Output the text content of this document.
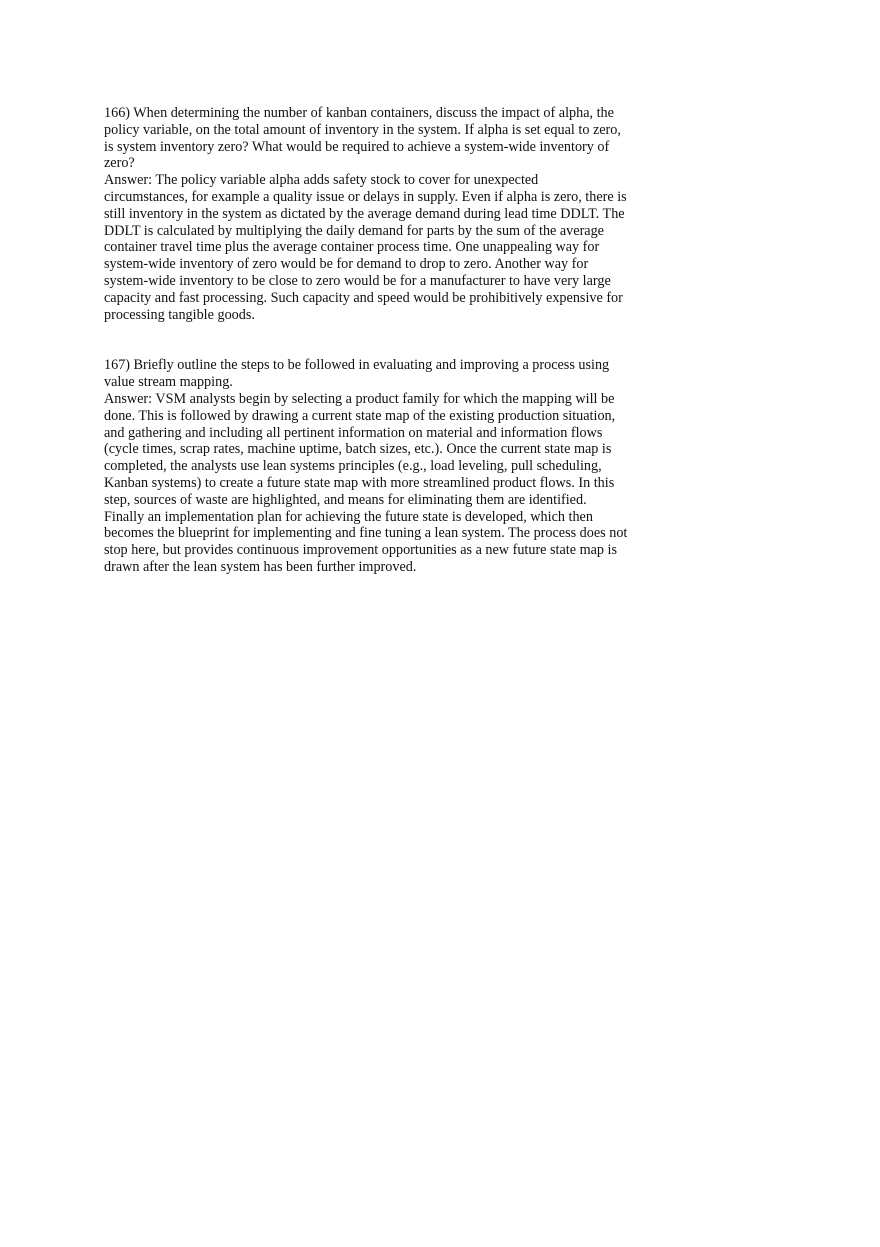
166) When determining the number of kanban containers, discuss the impact of alpha, the
policy variable, on the total amount of inventory in the system. If alpha is set equal to zero,
is system inventory zero? What would be required to achieve a system-wide inventory of
zero?
Answer: The policy variable alpha adds safety stock to cover for unexpected
circumstances, for example a quality issue or delays in supply. Even if alpha is zero, there is
still inventory in the system as dictated by the average demand during lead time DDLT. The
DDLT is calculated by multiplying the daily demand for parts by the sum of the average
container travel time plus the average container process time. One unappealing way for
system-wide inventory of zero would be for demand to drop to zero. Another way for
system-wide inventory to be close to zero would be for a manufacturer to have very large
capacity and fast processing. Such capacity and speed would be prohibitively expensive for
processing tangible goods.
167) Briefly outline the steps to be followed in evaluating and improving a process using
value stream mapping.
Answer: VSM analysts begin by selecting a product family for which the mapping will be
done. This is followed by drawing a current state map of the existing production situation,
and gathering and including all pertinent information on material and information flows
(cycle times, scrap rates, machine uptime, batch sizes, etc.). Once the current state map is
completed, the analysts use lean systems principles (e.g., load leveling, pull scheduling,
Kanban systems) to create a future state map with more streamlined product flows. In this
step, sources of waste are highlighted, and means for eliminating them are identified.
Finally an implementation plan for achieving the future state is developed, which then
becomes the blueprint for implementing and fine tuning a lean system. The process does not
stop here, but provides continuous improvement opportunities as a new future state map is
drawn after the lean system has been further improved.
